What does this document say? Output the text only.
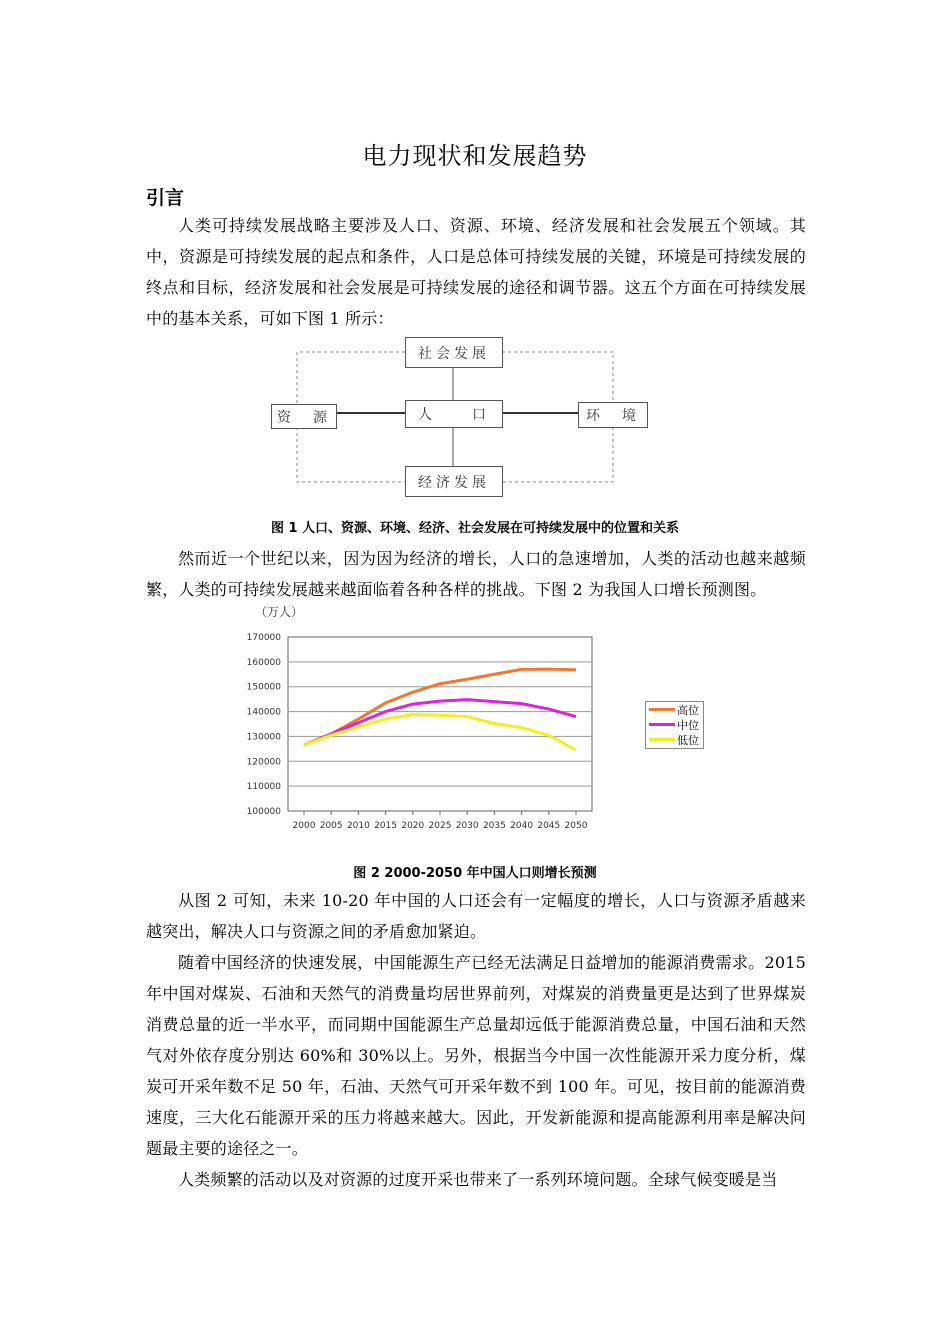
电力现状和发展趋势
引言
人类可持续发展战略主要涉及人口、资源、环境、经济发展和社会发展五个领域。其中，资源是可持续发展的起点和条件，人口是总体可持续发展的关键，环境是可持续发展的终点和目标，经济发展和社会发展是可持续发展的途径和调节器。这五个方面在可持续发展中的基本关系，可如下图 1 所示：
社会发展
人　　口
资　源	环　境
经济发展
图 1 人口、资源、环境、经济、社会发展在可持续发展中的位置和关系
然而近一个世纪以来，因为因为经济的增长，人口的急速增加，人类的活动也越来越频繁，人类的可持续发展越来越面临着各种各样的挑战。下图 2 为我国人口增长预测图。
（万人）
100000
110000
120000
130000
140000
150000
160000
170000
2000 2005 2010 2015 2020 2025 2030 2035 2040 2045 2050
高位
中位
低位
图 2 2000-2050 年中国人口则增长预测
从图 2 可知，未来 10-20 年中国的人口还会有一定幅度的增长，人口与资源矛盾越来越突出，解决人口与资源之间的矛盾愈加紧迫。
随着中国经济的快速发展，中国能源生产已经无法满足日益增加的能源消费需求。2015 年中国对煤炭、石油和天然气的消费量均居世界前列，对煤炭的消费量更是达到了世界煤炭消费总量的近一半水平，而同期中国能源生产总量却远低于能源消费总量，中国石油和天然气对外依存度分别达 60%和 30%以上。另外，根据当今中国一次性能源开采力度分析，煤炭可开采年数不足 50 年，石油、天然气可开采年数不到 100 年。可见，按目前的能源消费速度，三大化石能源开采的压力将越来越大。因此，开发新能源和提高能源利用率是解决问题最主要的途径之一。
人类频繁的活动以及对资源的过度开采也带来了一系列环境问题。全球气候变暖是当
